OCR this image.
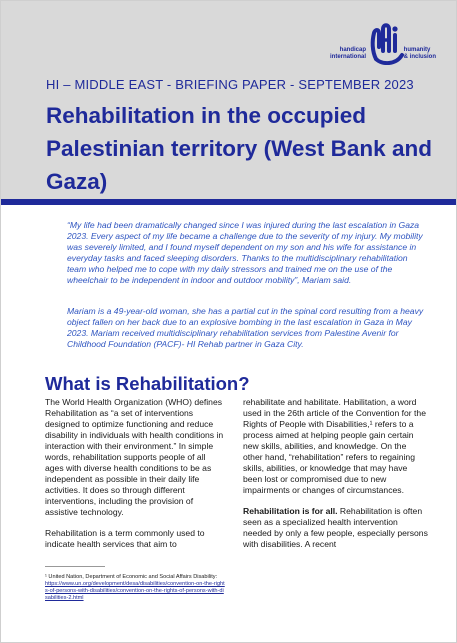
handicap
international
humanity
& inclusion
HI – MIDDLE EAST - BRIEFING PAPER - SEPTEMBER 2023
Rehabilitation in the occupied Palestinian territory (West Bank and Gaza)

“My life had been dramatically changed since I was injured during the last escalation in Gaza 2023. Every aspect of my life became a challenge due to the severity of my injury. My mobility was severely limited, and I found myself dependent on my son and his wife for assistance in everyday tasks and faced sleeping disorders. Thanks to the multidisciplinary rehabilitation team who helped me to cope with my daily stressors and trained me on the use of the wheelchair to be independent in indoor and outdoor mobility”, Mariam said.

Mariam is a 49-year-old woman, she has a partial cut in the spinal cord resulting from a heavy object fallen on her back due to an explosive bombing in the last escalation in Gaza in May 2023. Mariam received multidisciplinary rehabilitation services from Palestine Avenir for Childhood Foundation (PACF)- HI Rehab partner in Gaza City.

What is Rehabilitation?

The World Health Organization (WHO) defines Rehabilitation as “a set of interventions designed to optimize functioning and reduce disability in individuals with health conditions in interaction with their environment.” In simple words, rehabilitation supports people of all ages with diverse health conditions to be as independent as possible in their daily life activities. It does so through different interventions, including the provision of assistive technology.

Rehabilitation is a term commonly used to indicate health services that aim to

rehabilitate and habilitate. Habilitation, a word used in the 26th article of the Convention for the Rights of People with Disabilities,¹ refers to a process aimed at helping people gain certain new skills, abilities, and knowledge. On the other hand, “rehabilitation” refers to regaining skills, abilities, or knowledge that may have been lost or compromised due to new impairments or changes of circumstances.

Rehabilitation is for all. Rehabilitation is often seen as a specialized health intervention needed by only a few people, especially persons with disabilities. A recent

¹ United Nation, Department of Economic and Social Affairs Disability:
https://www.un.org/development/desa/disabilities/convention-on-the-rights-of-persons-with-disabilities/convention-on-the-rights-of-persons-with-disabilities-2.html
